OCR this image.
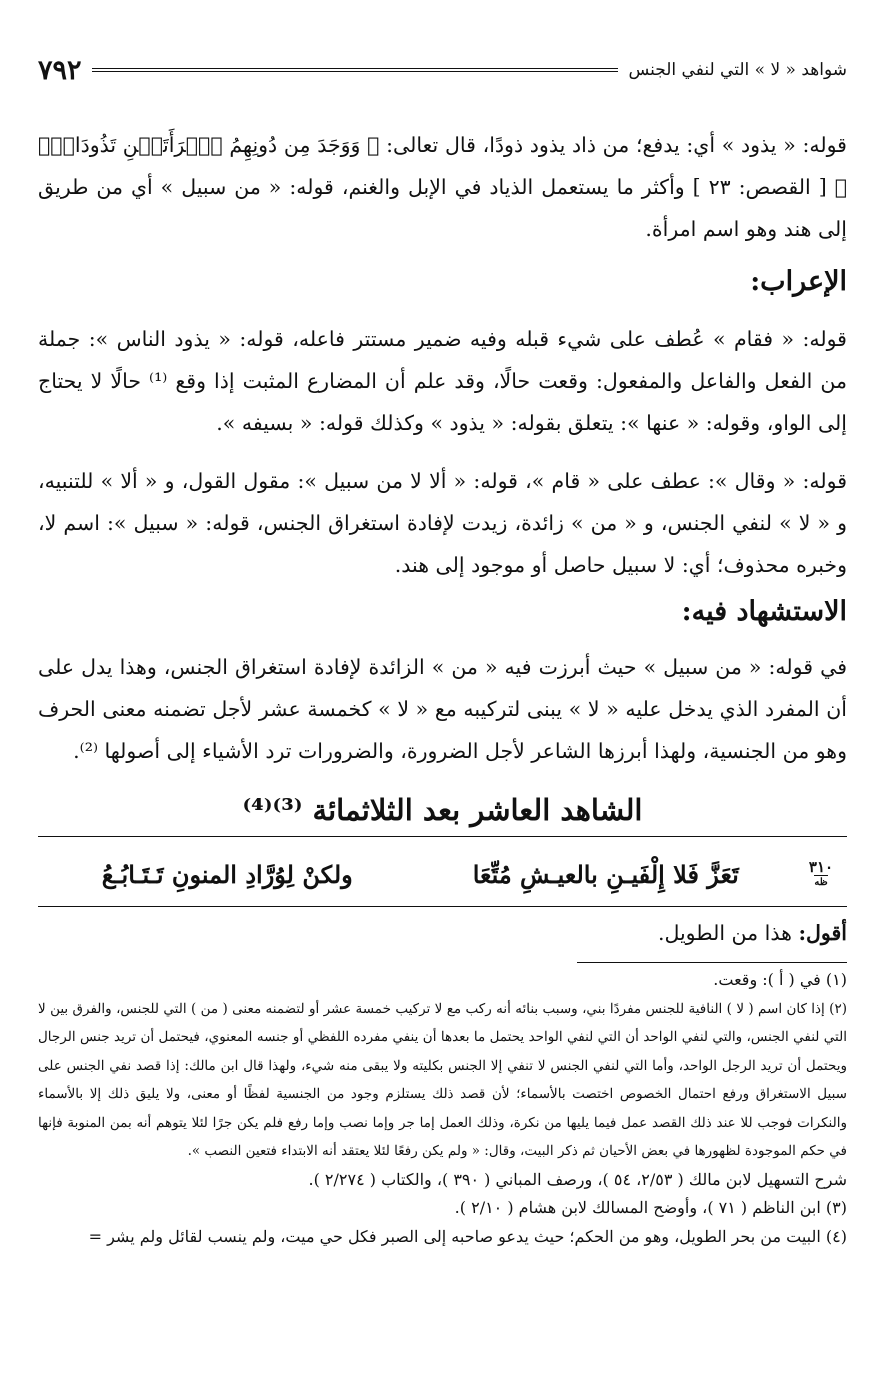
شواهد « لا » التي لنفي الجنس
٧٩٢

قوله: « يذود » أي: يدفع؛ من ذاد يذود ذودًا، قال تعالى: ﴿ وَوَجَدَ مِن دُونِهِمُ ٱمۡرَأَتَيۡنِ تَذُودَانِۖ ﴾ [ القصص: ٢٣ ] وأكثر ما يستعمل الذياد في الإبل والغنم، قوله: « من سبيل » أي من طريق إلى هند وهو اسم امرأة.

الإعراب:

قوله: « فقام » عُطف على شيء قبله وفيه ضمير مستتر فاعله، قوله: « يذود الناس »: جملة من الفعل والفاعل والمفعول: وقعت حالًا، وقد علم أن المضارع المثبت إذا وقع ⁽¹⁾ حالًا لا يحتاج إلى الواو، وقوله: « عنها »: يتعلق بقوله: « يذود » وكذلك قوله: « بسيفه ».

قوله: « وقال »: عطف على « قام »، قوله: « ألا لا من سبيل »: مقول القول، و « ألا » للتنبيه، و « لا » لنفي الجنس، و « من » زائدة، زيدت لإفادة استغراق الجنس، قوله: « سبيل »: اسم لا، وخبره محذوف؛ أي: لا سبيل حاصل أو موجود إلى هند.

الاستشهاد فيه:

في قوله: « من سبيل » حيث أبرزت فيه « من » الزائدة لإفادة استغراق الجنس، وهذا يدل على أن المفرد الذي يدخل عليه « لا » يبنى لتركيبه مع « لا » كخمسة عشر لأجل تضمنه معنى الحرف وهو من الجنسية، ولهذا أبرزها الشاعر لأجل الضرورة، والضرورات ترد الأشياء إلى أصولها ⁽²⁾.

الشاهد العاشر بعد الثلاثمائة ⁽³⁾⁽⁴⁾
٣١٠
ظه
تَعَزَّ فَلا إِلْفَيـنِ بالعيـشِ مُتِّعَا
ولكنْ لِوُرَّادِ المنونِ تَـتَـابُـعُ

أقول: هذا من الطويل.

(١) في ( أ ): وقعت.

(٢) إذا كان اسم ( لا ) النافية للجنس مفردًا بني، وسبب بنائه أنه ركب مع لا تركيب خمسة عشر أو لتضمنه معنى ( من ) التي للجنس، والفرق بين لا التي لنفي الجنس، والتي لنفي الواحد أن التي لنفي الواحد يحتمل ما بعدها أن ينفي مفرده اللفظي أو جنسه المعنوي، فيحتمل أن تريد جنس الرجال ويحتمل أن تريد الرجل الواحد، وأما التي لنفي الجنس لا تنفي إلا الجنس بكليته ولا يبقى منه شيء، ولهذا قال ابن مالك: إذا قصد نفي الجنس على سبيل الاستغراق ورفع احتمال الخصوص اختصت بالأسماء؛ لأن قصد ذلك يستلزم وجود من الجنسية لفظًا أو معنى، ولا يليق ذلك إلا بالأسماء والنكرات فوجب للا عند ذلك القصد عمل فيما يليها من نكرة، وذلك العمل إما جر وإما نصب وإما رفع فلم يكن جرًا لئلا يتوهم أنه بمن المنوبة فإنها في حكم الموجودة لظهورها في بعض الأحيان ثم ذكر البيت، وقال: « ولم يكن رفعًا لئلا يعتقد أنه الابتداء فتعين النصب ».

شرح التسهيل لابن مالك ( ٢/٥٣، ٥٤ )، ورصف المباني ( ٣٩٠ )، والكتاب ( ٢/٢٧٤ ).

(٣) ابن الناظم ( ٧١ )، وأوضح المسالك لابن هشام ( ٢/١٠ ).

(٤) البيت من بحر الطويل، وهو من الحكم؛ حيث يدعو صاحبه إلى الصبر فكل حي ميت، ولم ينسب لقائل ولم يشر =
